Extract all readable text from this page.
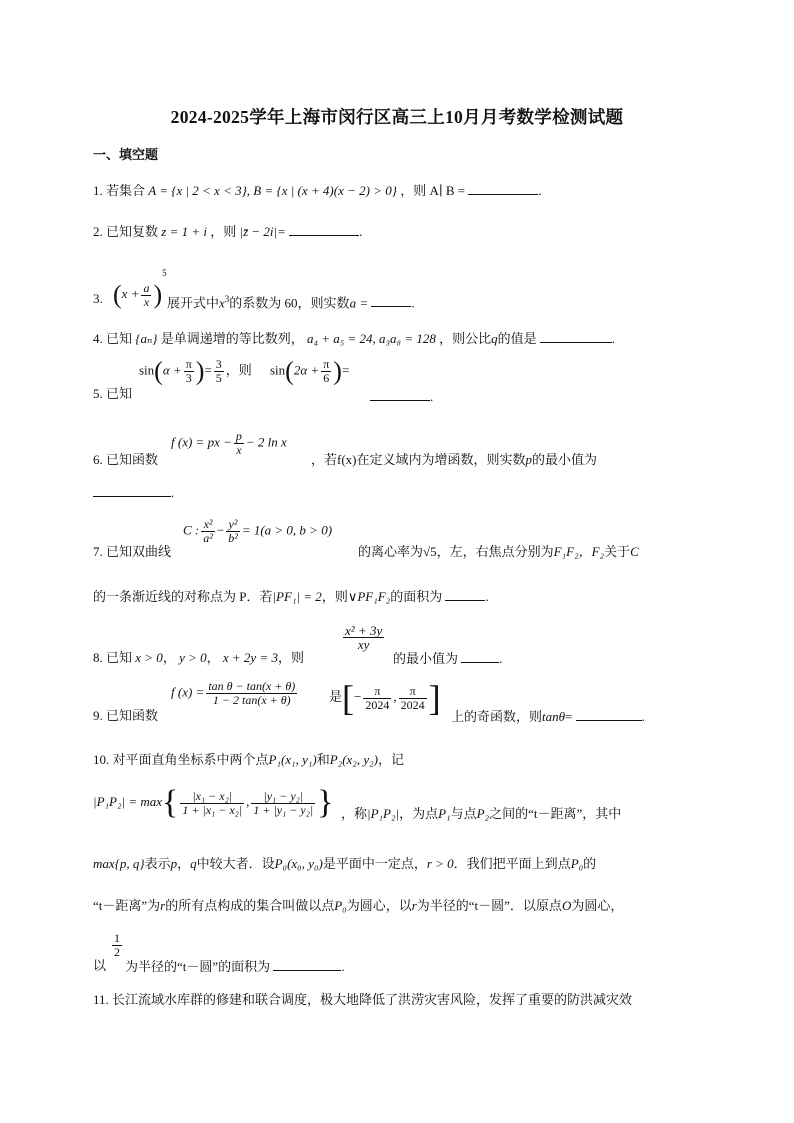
2024-2025学年上海市闵行区高三上10月月考数学检测试题
一、填空题
1. 若集合 A = {x | 2 < x < 3}, B = {x | (x + 4)(x − 2) > 0} ，则 A∣ B =	.
2. 已知复数 z = 1 + i ，则 |z̄ − 2i|=	.
3. $(x + \frac{a}{x} )^5$
展开式中$x^3$的系数为 60，则实数a =	.
4. 已知 {aₙ} 是单调递增的等比数列， a₄ + a₅ = 24, a₃a₈ = 128 ，则公比q的值是	.
5. 已知
$\sin(\alpha + \frac{\pi}{3}$ )= $\frac{3}{5}$ ，则 $\sin(2\alpha + \frac{\pi}{6}$ )=
.
6. 已知函数
f (x) = px − $\frac{p}{x} - 2$ ln x
，若f(x)在定义域内为增函数，则实数p的最小值为
.
7. 已知双曲线
C : $\frac{\text{x²}}{\text{a²}} - \frac{\text{y²}}{\text{b²}} = 1(a > 0$, b > 0)
的离心率为√5，左，右焦点分别为F₁F₂，F₂关于C
的一条渐近线的对称点为 P．若|PF₁| = 2，则∨PF₁F₂的面积为	.
8. 已知 x > 0， y > 0， x + 2y = 3，则
$\frac{\text{x² + 3y}}{xy}$
的最小值为	.
9. 已知函数
f $(x) = \frac{\text{tan θ − tan(x + θ)}}{1 - 2 \tan(x + \theta)}$ 是[− $\frac{\pi}{2024}$ , $\frac{\pi}{2024}$ ] 上的奇函数，则tanθ=	.
10. 对平面直角坐标系中两个点P₁(x₁, y₁)和P₂(x₂, y₂)，记
$|P_1P_2| = \max\{ \frac{\text{|x₁ − x₂|}}{\text{1 + |x₁ − x₂|}}$ , $\frac{\text{|y₁ − y₂|}}{\text{1 + |y₁ − y₂|}}$ } ，称|P₁P₂|，为点P₁与点P₂之间的“t－距离”，其中
max{p, q}表示p，q中较大者．设P₀(x₀, y₀)是平面中一定点，r > 0．我们把平面上到点P₀的
“t－距离”为r的所有点构成的集合叫做以点P₀为圆心，以r为半径的“t－圆”．以原点O为圆心，
以
$\frac{1}{2}$
为半径的“t－圆”的面积为	.
11. 长江流域水库群的修建和联合调度，极大地降低了洪涝灾害风险，发挥了重要的防洪减灾效
